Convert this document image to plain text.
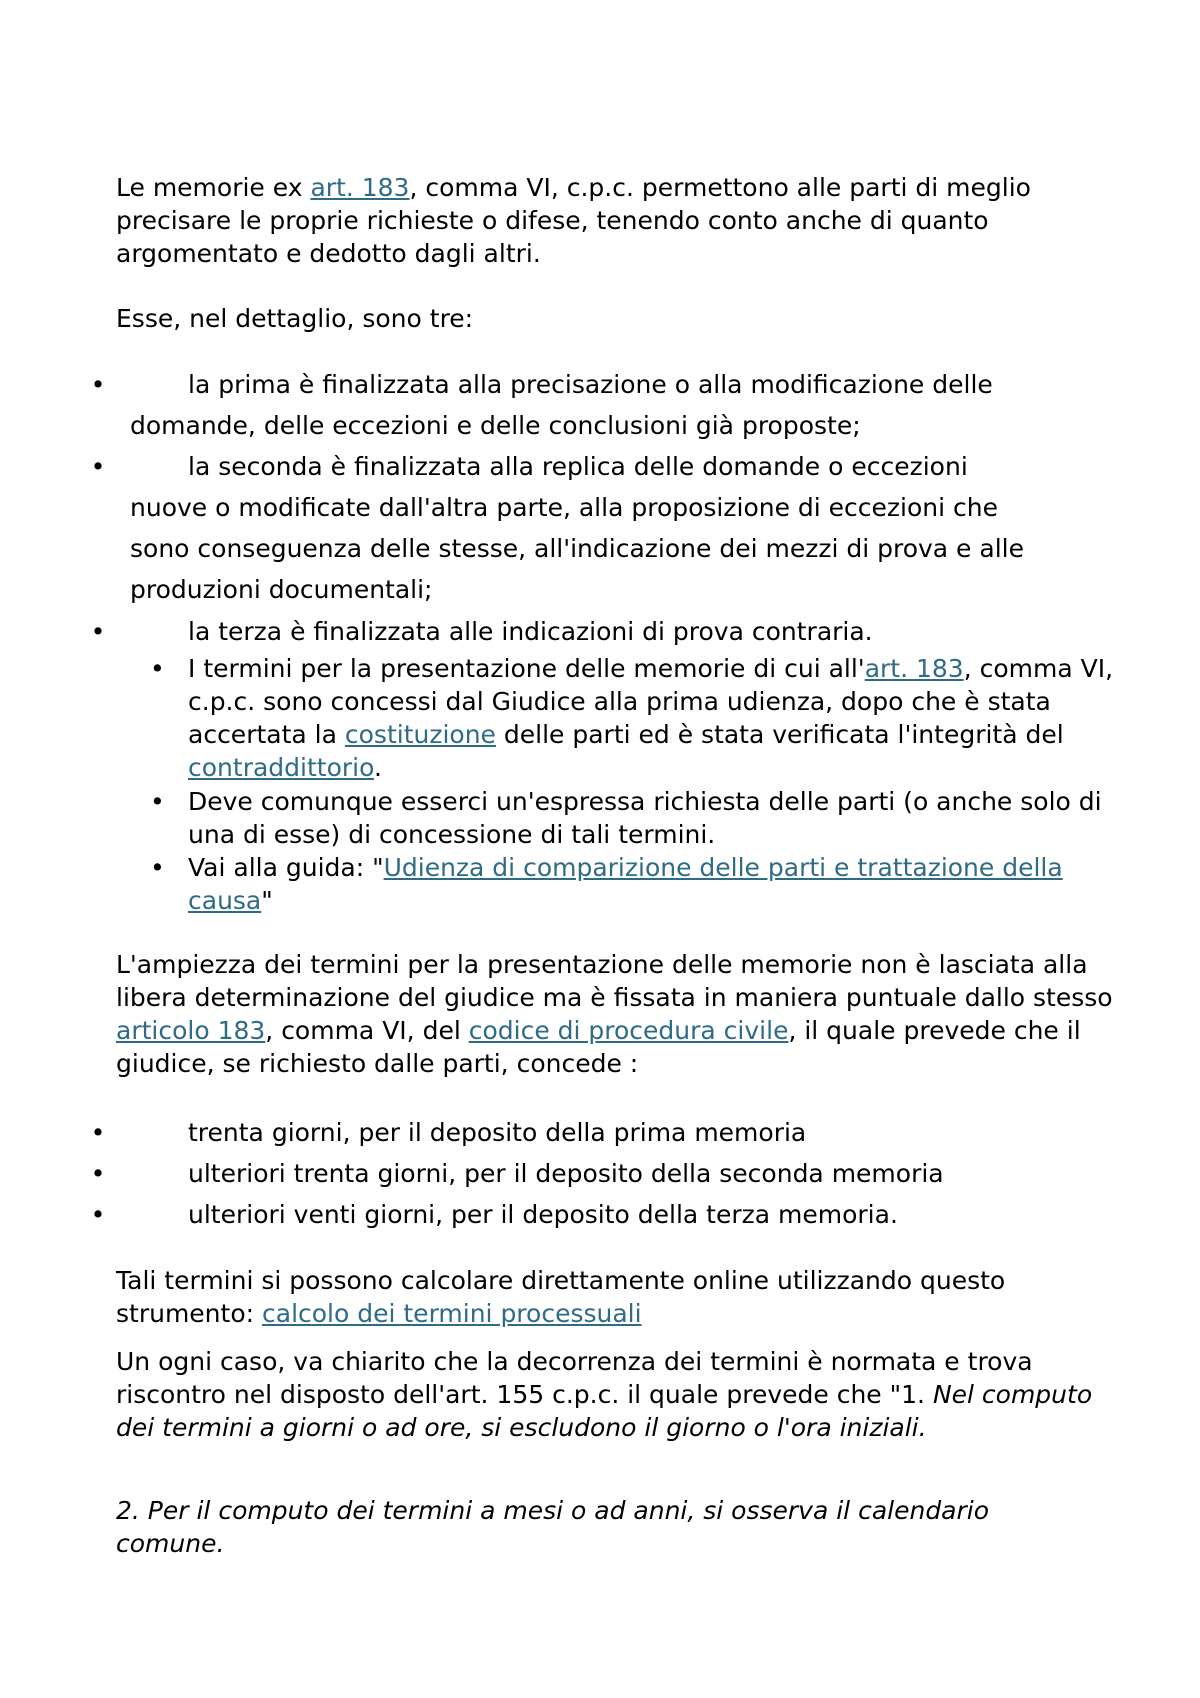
Le memorie ex art. 183, comma VI, c.p.c. permettono alle parti di meglio precisare le proprie richieste o difese, tenendo conto anche di quanto argomentato e dedotto dagli altri.

Esse, nel dettaglio, sono tre:

•	la prima è finalizzata alla precisazione o alla modificazione delle
domande, delle eccezioni e delle conclusioni già proposte;
•	la seconda è finalizzata alla replica delle domande o eccezioni
nuove o modificate dall'altra parte, alla proposizione di eccezioni che sono conseguenza delle stesse, all'indicazione dei mezzi di prova e alle produzioni documentali;
•	la terza è finalizzata alle indicazioni di prova contraria.
• I termini per la presentazione delle memorie di cui all'art. 183, comma VI, c.p.c. sono concessi dal Giudice alla prima udienza, dopo che è stata accertata la costituzione delle parti ed è stata verificata l'integrità del contraddittorio.
• Deve comunque esserci un'espressa richiesta delle parti (o anche solo di una di esse) di concessione di tali termini.
• Vai alla guida: "Udienza di comparizione delle parti e trattazione della causa"

L'ampiezza dei termini per la presentazione delle memorie non è lasciata alla libera determinazione del giudice ma è fissata in maniera puntuale dallo stesso articolo 183, comma VI, del codice di procedura civile, il quale prevede che il giudice, se richiesto dalle parti, concede :

•	trenta giorni, per il deposito della prima memoria
•	ulteriori trenta giorni, per il deposito della seconda memoria
•	ulteriori venti giorni, per il deposito della terza memoria.

Tali termini si possono calcolare direttamente online utilizzando questo strumento: calcolo dei termini processuali

Un ogni caso, va chiarito che la decorrenza dei termini è normata e trova riscontro nel disposto dell'art. 155 c.p.c. il quale prevede che "1. Nel computo dei termini a giorni o ad ore, si escludono il giorno o l'ora iniziali.

2. Per il computo dei termini a mesi o ad anni, si osserva il calendario comune.
